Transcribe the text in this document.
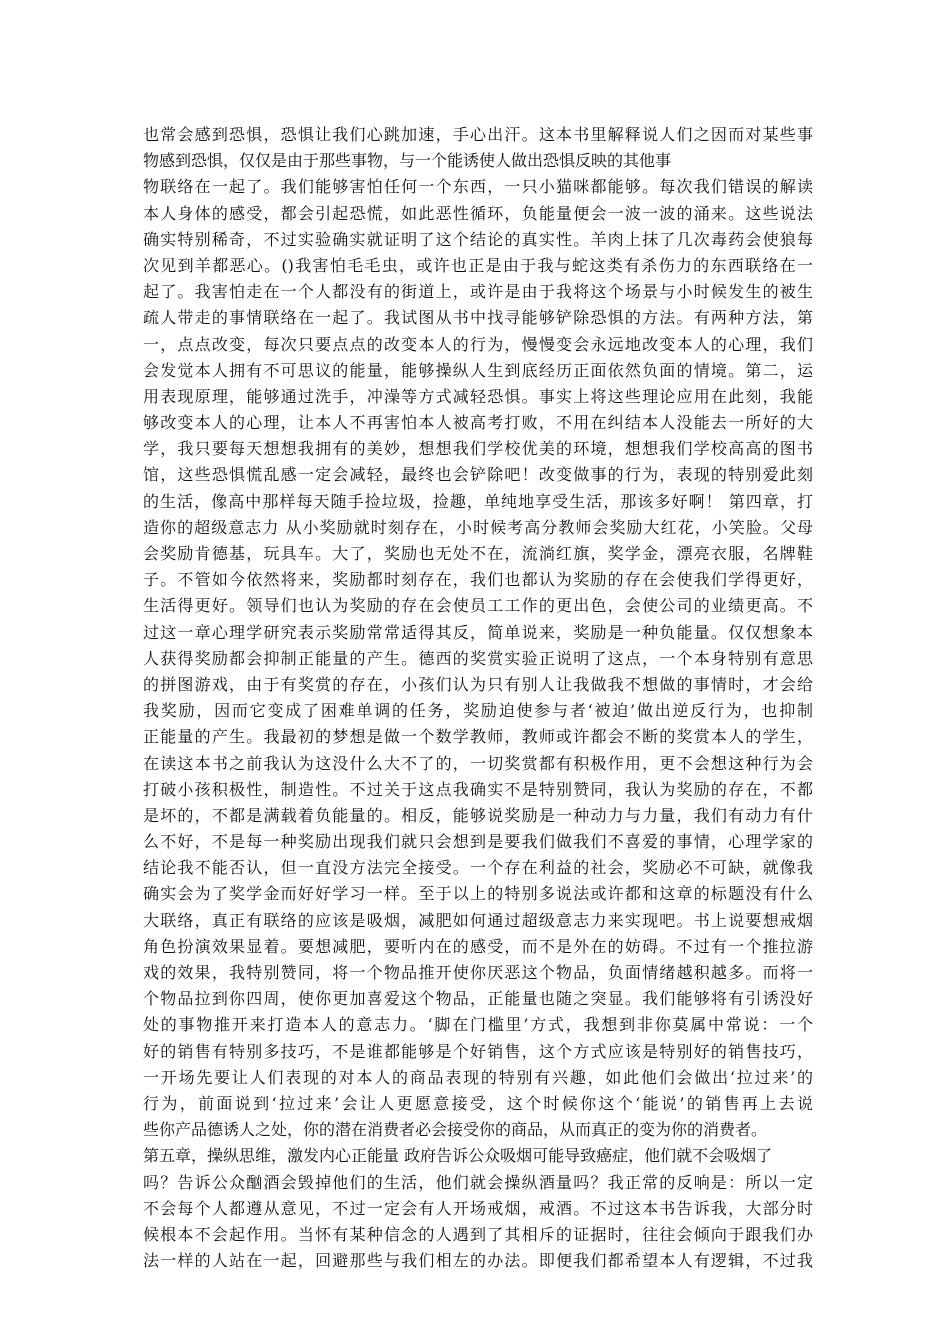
也常会感到恐惧，恐惧让我们心跳加速，手心出汗。这本书里解释说人们之因而对某些事
物感到恐惧，仅仅是由于那些事物，与一个能诱使人做出恐惧反映的其他事
物联络在一起了。我们能够害怕任何一个东西，一只小猫咪都能够。每次我们错误的解读
本人身体的感受，都会引起恐慌，如此恶性循环，负能量便会一波一波的涌来。这些说法
确实特别稀奇，不过实验确实就证明了这个结论的真实性。羊肉上抹了几次毒药会使狼每
次见到羊都恶心。()我害怕毛毛虫，或许也正是由于我与蛇这类有杀伤力的东西联络在一
起了。我害怕走在一个人都没有的街道上，或许是由于我将这个场景与小时候发生的被生
疏人带走的事情联络在一起了。我试图从书中找寻能够铲除恐惧的方法。有两种方法，第
一，点点改变，每次只要点点的改变本人的行为，慢慢变会永远地改变本人的心理，我们
会发觉本人拥有不可思议的能量，能够操纵人生到底经历正面依然负面的情境。第二，运
用表现原理，能够通过洗手，冲澡等方式减轻恐惧。事实上将这些理论应用在此刻，我能
够改变本人的心理，让本人不再害怕本人被高考打败，不用在纠结本人没能去一所好的大
学，我只要每天想想我拥有的美妙，想想我们学校优美的环境，想想我们学校高高的图书
馆，这些恐惧慌乱感一定会减轻，最终也会铲除吧！改变做事的行为，表现的特别爱此刻
的生活，像高中那样每天随手捡垃圾，捡趣，单纯地享受生活，那该多好啊！ 第四章，打
造你的超级意志力 从小奖励就时刻存在，小时候考高分教师会奖励大红花，小笑脸。父母
会奖励肯德基，玩具车。大了，奖励也无处不在，流淌红旗，奖学金，漂亮衣服，名牌鞋
子。不管如今依然将来，奖励都时刻存在，我们也都认为奖励的存在会使我们学得更好，
生活得更好。领导们也认为奖励的存在会使员工工作的更出色，会使公司的业绩更高。不
过这一章心理学研究表示奖励常常适得其反，简单说来，奖励是一种负能量。仅仅想象本
人获得奖励都会抑制正能量的产生。德西的奖赏实验正说明了这点，一个本身特别有意思
的拼图游戏，由于有奖赏的存在，小孩们认为只有别人让我做我不想做的事情时，才会给
我奖励，因而它变成了困难单调的任务，奖励迫使参与者‘被迫’做出逆反行为，也抑制
正能量的产生。我最初的梦想是做一个数学教师，教师或许都会不断的奖赏本人的学生，
在读这本书之前我认为这没什么大不了的，一切奖赏都有积极作用，更不会想这种行为会
打破小孩积极性，制造性。不过关于这点我确实不是特别赞同，我认为奖励的存在，不都
是坏的，不都是满载着负能量的。相反，能够说奖励是一种动力与力量，我们有动力有什
么不好，不是每一种奖励出现我们就只会想到是要我们做我们不喜爱的事情，心理学家的
结论我不能否认，但一直没方法完全接受。一个存在利益的社会，奖励必不可缺，就像我
确实会为了奖学金而好好学习一样。至于以上的特别多说法或许都和这章的标题没有什么
大联络，真正有联络的应该是吸烟，减肥如何通过超级意志力来实现吧。书上说要想戒烟
角色扮演效果显着。要想减肥，要听内在的感受，而不是外在的妨碍。不过有一个推拉游
戏的效果，我特别赞同，将一个物品推开使你厌恶这个物品，负面情绪越积越多。而将一
个物品拉到你四周，使你更加喜爱这个物品，正能量也随之突显。我们能够将有引诱没好
处的事物推开来打造本人的意志力。‘脚在门槛里’方式，我想到非你莫属中常说：一个
好的销售有特别多技巧，不是谁都能够是个好销售，这个方式应该是特别好的销售技巧，
一开场先要让人们表现的对本人的商品表现的特别有兴趣，如此他们会做出‘拉过来’的
行为，前面说到‘拉过来’会让人更愿意接受，这个时候你这个‘能说’的销售再上去说
些你产品德诱人之处，你的潜在消费者必会接受你的商品，从而真正的变为你的消费者。
第五章，操纵思维，激发内心正能量 政府告诉公众吸烟可能导致癌症，他们就不会吸烟了
吗？告诉公众酗酒会毁掉他们的生活，他们就会操纵酒量吗？我正常的反响是：所以一定
不会每个人都遵从意见，不过一定会有人开场戒烟，戒酒。不过这本书告诉我，大部分时
候根本不会起作用。当怀有某种信念的人遇到了其相斥的证据时，往往会倾向于跟我们办
法一样的人站在一起，回避那些与我们相左的办法。即便我们都希望本人有逻辑，不过我
